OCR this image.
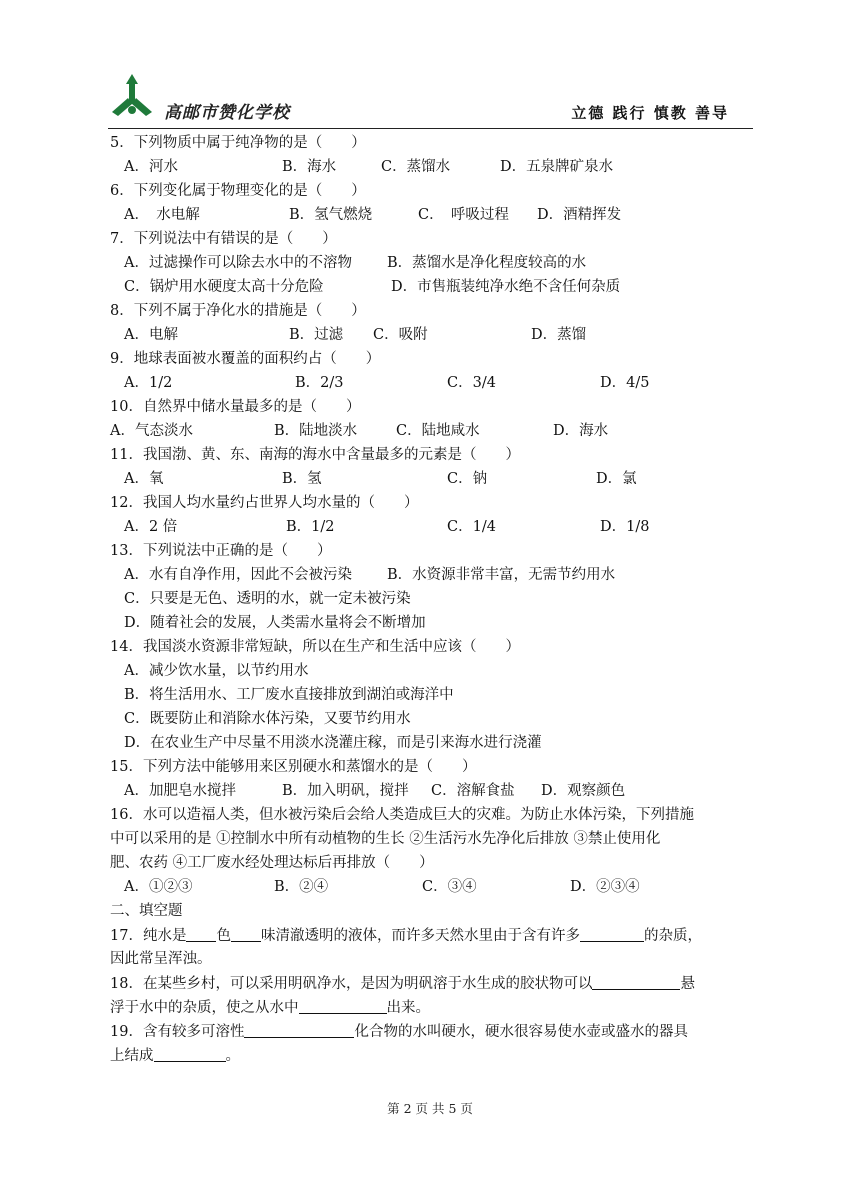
高邮市赞化学校	立德 践行 慎教 善导
5．下列物质中属于纯净物的是（　　）
A．河水	B．海水	C．蒸馏水	D．五泉牌矿泉水
6．下列变化属于物理变化的是（　　）
A．　水电解	B．氢气燃烧	C．　呼吸过程 D．酒精挥发
7．下列说法中有错误的是（　　）
A．过滤操作可以除去水中的不溶物 B．蒸馏水是净化程度较高的水
C．锅炉用水硬度太高十分危险	D．市售瓶装纯净水绝不含任何杂质
8．下列不属于净化水的措施是（　　）
A．电解	B．过滤 C．吸附	D．蒸馏
9．地球表面被水覆盖的面积约占（　　）
A．1/2	B．2/3	C．3/4	D．4/5
10．自然界中储水量最多的是（　　）
A．气态淡水	B．陆地淡水	C．陆地咸水	D．海水
11．我国渤、黄、东、南海的海水中含量最多的元素是（　　）
A．氧	B．氢	C．钠	D．氯
12．我国人均水量约占世界人均水量的（　　）
A．2 倍	B．1/2	C．1/4	D．1/8
13．下列说法中正确的是（　　）
A．水有自净作用，因此不会被污染 B．水资源非常丰富，无需节约用水
C．只要是无色、透明的水，就一定未被污染
D．随着社会的发展，人类需水量将会不断增加
14．我国淡水资源非常短缺，所以在生产和生活中应该（　　）
A．减少饮水量，以节约用水
B．将生活用水、工厂废水直接排放到湖泊或海洋中
C．既要防止和消除水体污染，又要节约用水
D．在农业生产中尽量不用淡水浇灌庄稼，而是引来海水进行浇灌
15．下列方法中能够用来区别硬水和蒸馏水的是（　　）
A．加肥皂水搅拌	B．加入明矾，搅拌 C．溶解食盐 D．观察颜色
16．水可以造福人类，但水被污染后会给人类造成巨大的灾难。为防止水体污染，下列措施
中可以采用的是 ①控制水中所有动植物的生长 ②生活污水先净化后排放 ③禁止使用化
肥、农药 ④工厂废水经处理达标后再排放（　　）
A．①②③	B．②④	C．③④	D．②③④
二、填空题
17．纯水是 色 味清澈透明的液体，而许多天然水里由于含有许多	的杂质，
因此常呈浑浊。
18．在某些乡村，可以采用明矾净水，是因为明矾溶于水生成的胶状物可以	悬
浮于水中的杂质，使之从水中	出来。
19．含有较多可溶性	化合物的水叫硬水，硬水很容易使水壶或盛水的器具
上结成	。
第 2 页 共 5 页
